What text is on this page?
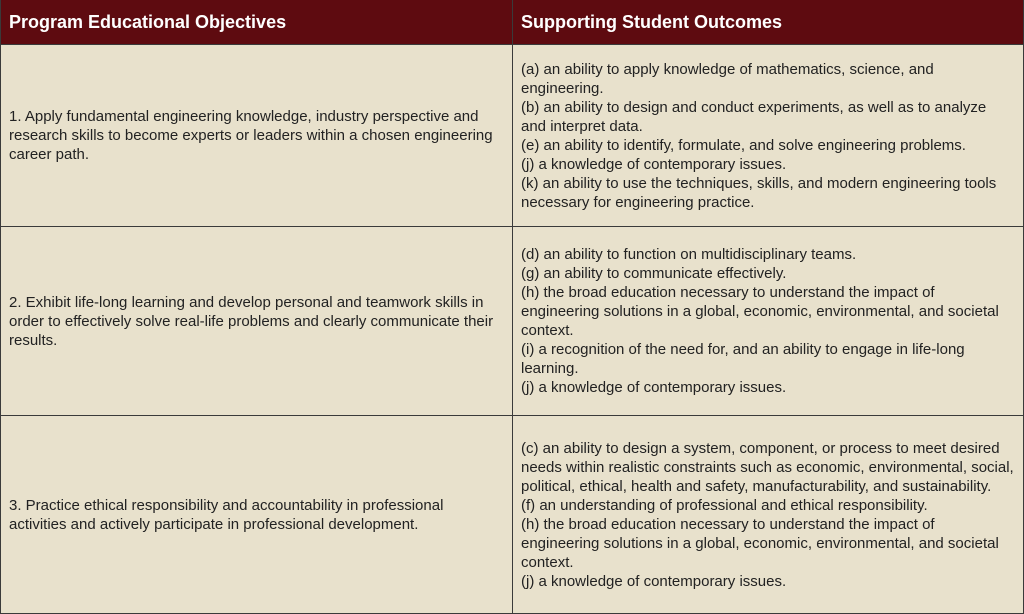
Program Educational Objectives	Supporting Student Outcomes
1. Apply fundamental engineering knowledge, industry perspective and research skills to become experts or leaders within a chosen engineering career path.
(a) an ability to apply knowledge of mathematics, science, and engineering.
(b) an ability to design and conduct experiments, as well as to analyze and interpret data.
(e) an ability to identify, formulate, and solve engineering problems.
(j) a knowledge of contemporary issues.
(k) an ability to use the techniques, skills, and modern engineering tools necessary for engineering practice.
2. Exhibit life-long learning and develop personal and teamwork skills in order to effectively solve real-life problems and clearly communicate their results.
(d) an ability to function on multidisciplinary teams.
(g) an ability to communicate effectively.
(h) the broad education necessary to understand the impact of engineering solutions in a global, economic, environmental, and societal context.
(i) a recognition of the need for, and an ability to engage in life-long learning.
(j) a knowledge of contemporary issues.
3. Practice ethical responsibility and accountability in professional activities and actively participate in professional development.
(c) an ability to design a system, component, or process to meet desired needs within realistic constraints such as economic, environmental, social, political, ethical, health and safety, manufacturability, and sustainability.
(f) an understanding of professional and ethical responsibility.
(h) the broad education necessary to understand the impact of engineering solutions in a global, economic, environmental, and societal context.
(j) a knowledge of contemporary issues.
